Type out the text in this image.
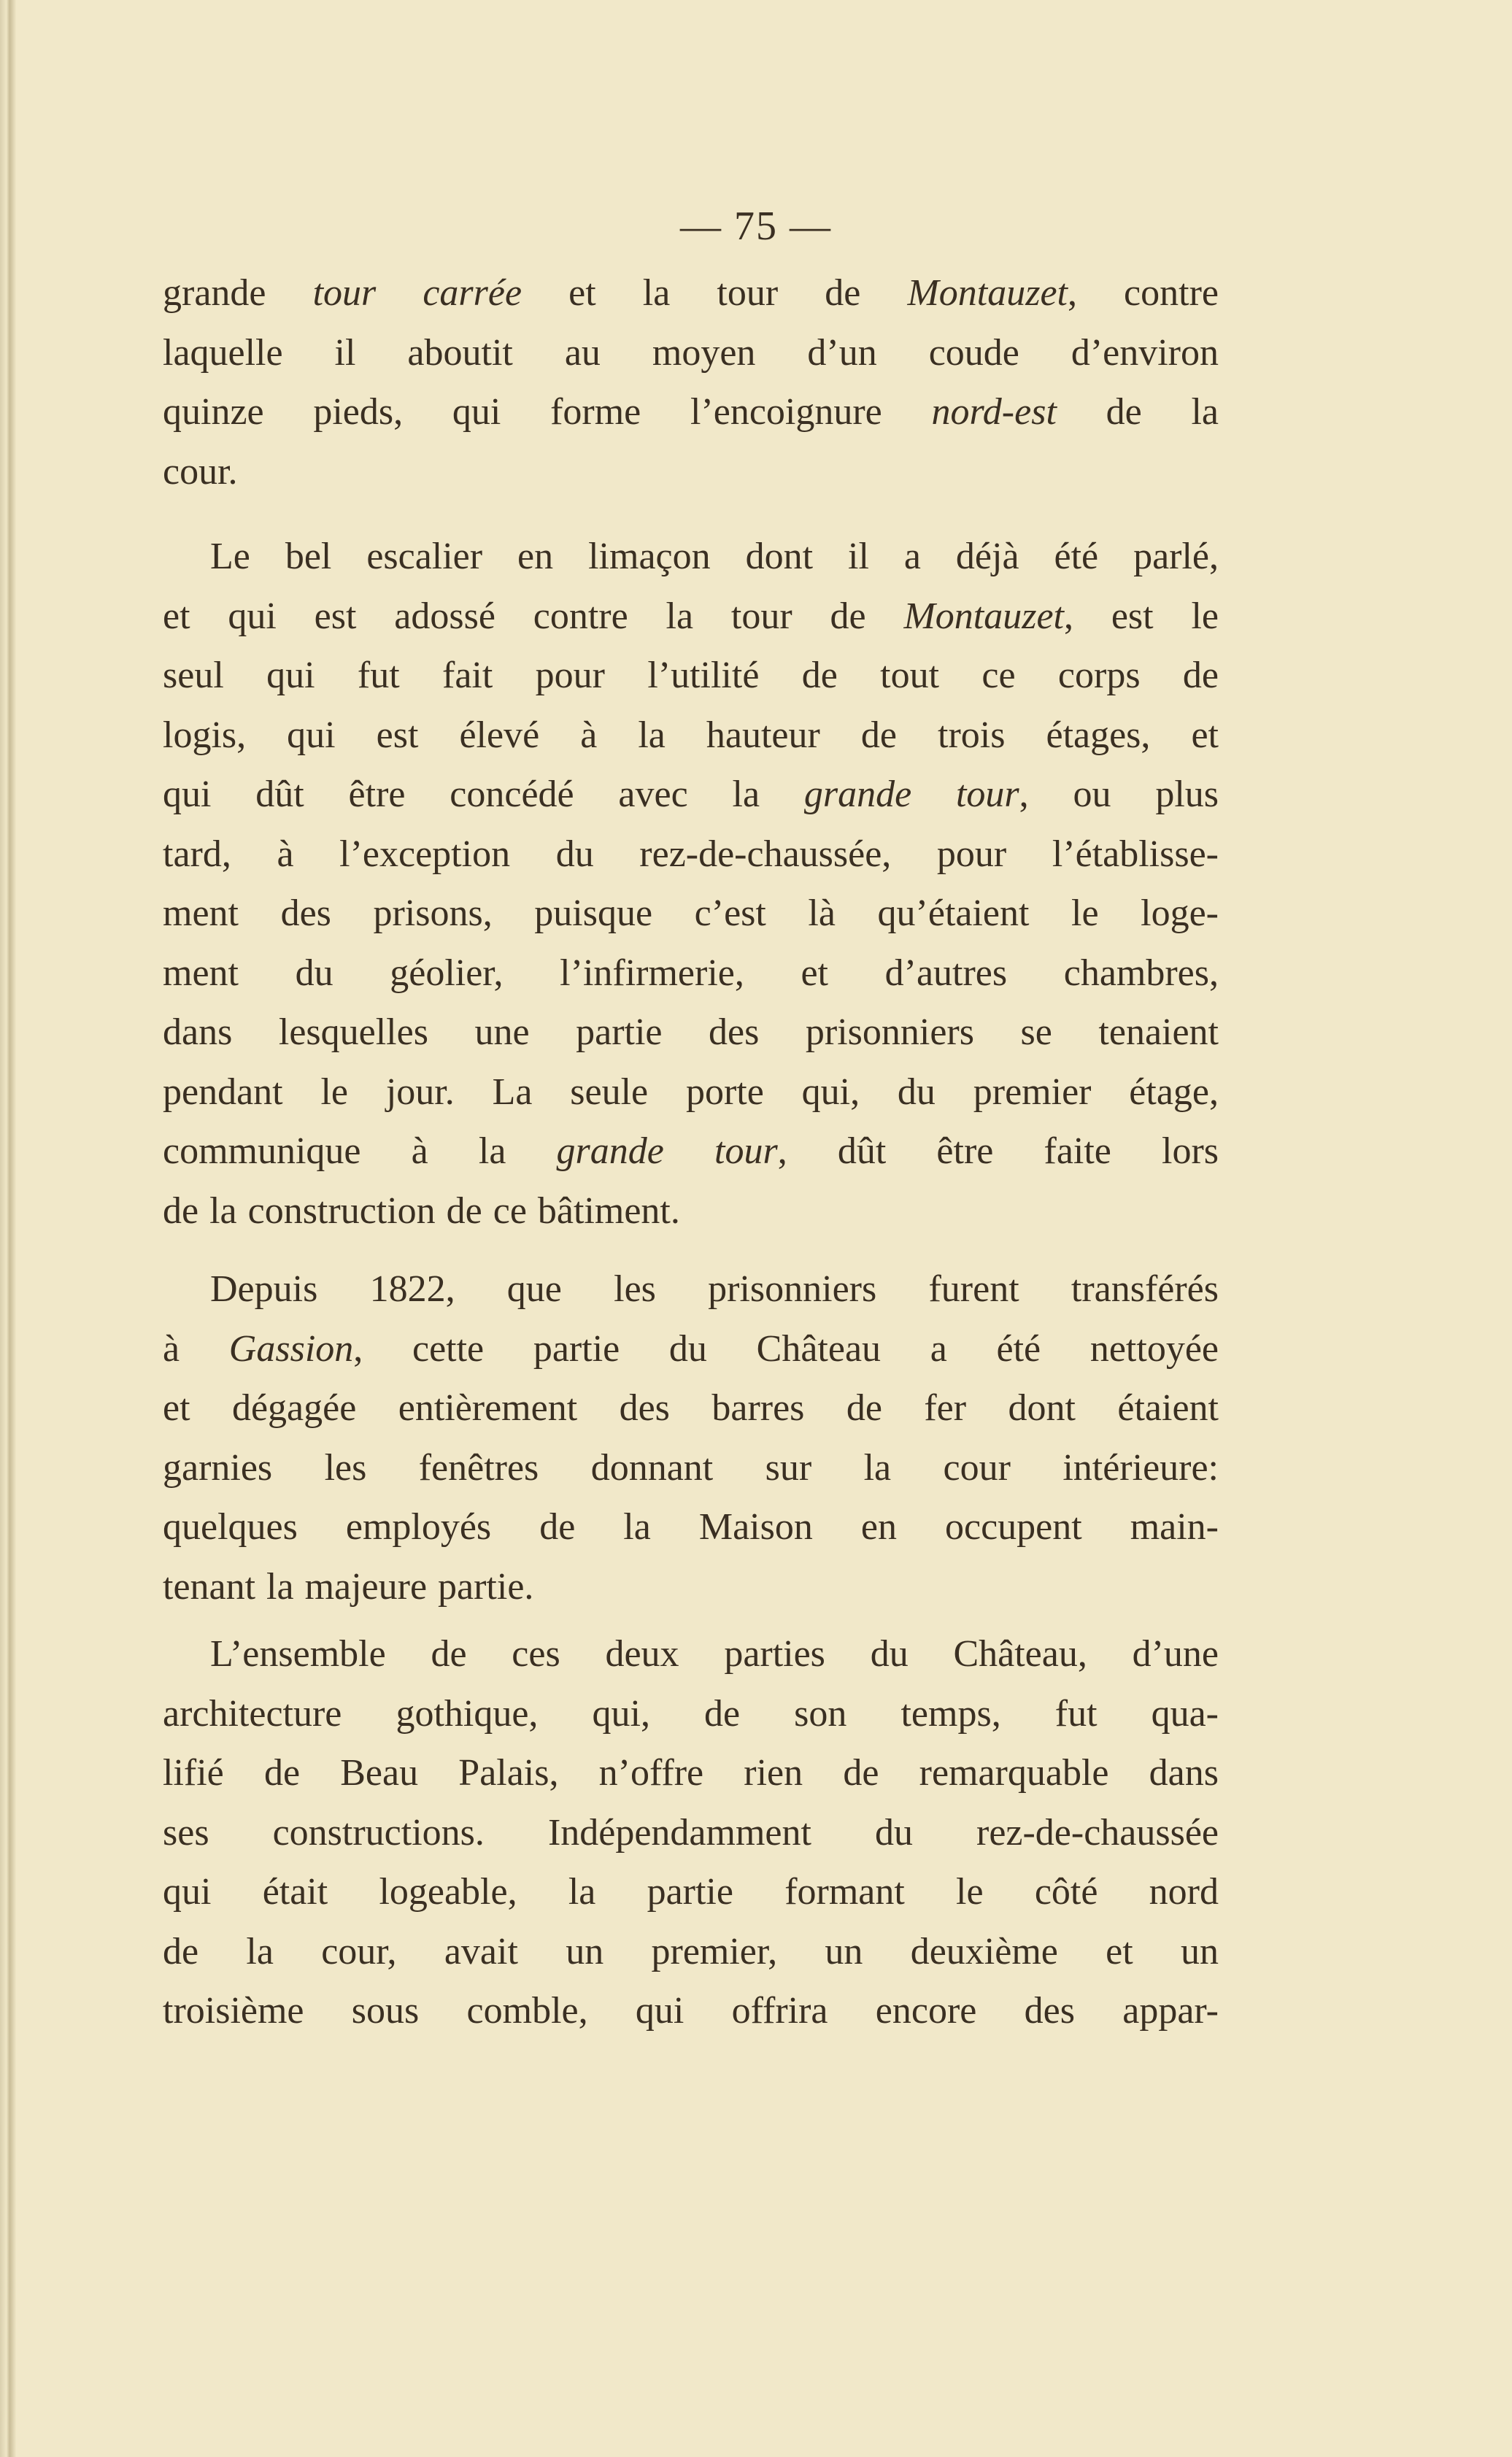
— 75 —
grande tour carrée et la tour de Montauzet, contre
laquelle il aboutit au moyen d’un coude d’environ
quinze pieds, qui forme l’encoignure nord-est de la
cour.
Le bel escalier en limaçon dont il a déjà été parlé,
et qui est adossé contre la tour de Montauzet, est le
seul qui fut fait pour l’utilité de tout ce corps de
logis, qui est élevé à la hauteur de trois étages, et
qui dût être concédé avec la grande tour, ou plus
tard, à l’exception du rez-de-chaussée, pour l’établisse-
ment des prisons, puisque c’est là qu’étaient le loge-
ment du géolier, l’infirmerie, et d’autres chambres,
dans lesquelles une partie des prisonniers se tenaient
pendant le jour. La seule porte qui, du premier étage,
communique à la grande tour, dût être faite lors
de la construction de ce bâtiment.
Depuis 1822, que les prisonniers furent transférés
à Gassion, cette partie du Château a été nettoyée
et dégagée entièrement des barres de fer dont étaient
garnies les fenêtres donnant sur la cour intérieure:
quelques employés de la Maison en occupent main-
tenant la majeure partie.
L’ensemble de ces deux parties du Château, d’une
architecture gothique, qui, de son temps, fut qua-
lifié de Beau Palais, n’offre rien de remarquable dans
ses constructions. Indépendamment du rez-de-chaussée
qui était logeable, la partie formant le côté nord
de la cour, avait un premier, un deuxième et un
troisième sous comble, qui offrira encore des appar-
